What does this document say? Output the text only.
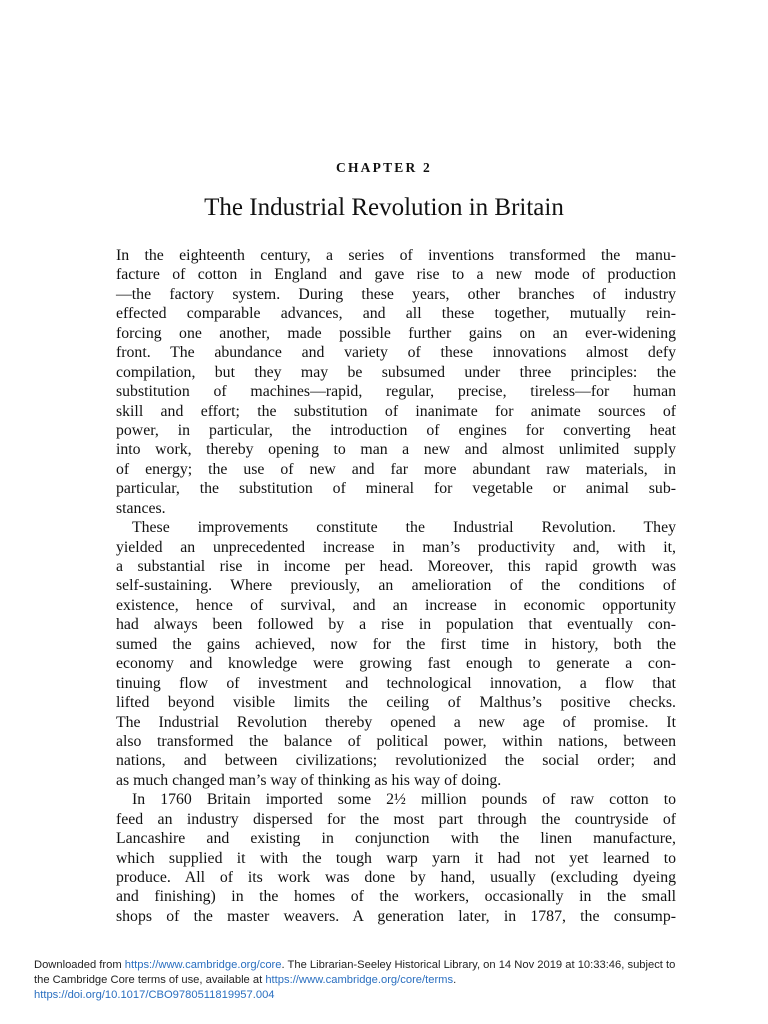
CHAPTER 2
The Industrial Revolution in Britain
In the eighteenth century, a series of inventions transformed the manu-
facture of cotton in England and gave rise to a new mode of production
—the factory system. During these years, other branches of industry
effected comparable advances, and all these together, mutually rein-
forcing one another, made possible further gains on an ever-widening
front. The abundance and variety of these innovations almost defy
compilation, but they may be subsumed under three principles: the
substitution of machines—rapid, regular, precise, tireless—for human
skill and effort; the substitution of inanimate for animate sources of
power, in particular, the introduction of engines for converting heat
into work, thereby opening to man a new and almost unlimited supply
of energy; the use of new and far more abundant raw materials, in
particular, the substitution of mineral for vegetable or animal sub-
stances.
These improvements constitute the Industrial Revolution. They
yielded an unprecedented increase in man’s productivity and, with it,
a substantial rise in income per head. Moreover, this rapid growth was
self-sustaining. Where previously, an amelioration of the conditions of
existence, hence of survival, and an increase in economic opportunity
had always been followed by a rise in population that eventually con-
sumed the gains achieved, now for the first time in history, both the
economy and knowledge were growing fast enough to generate a con-
tinuing flow of investment and technological innovation, a flow that
lifted beyond visible limits the ceiling of Malthus’s positive checks.
The Industrial Revolution thereby opened a new age of promise. It
also transformed the balance of political power, within nations, between
nations, and between civilizations; revolutionized the social order; and
as much changed man’s way of thinking as his way of doing.
In 1760 Britain imported some 2½ million pounds of raw cotton to
feed an industry dispersed for the most part through the countryside of
Lancashire and existing in conjunction with the linen manufacture,
which supplied it with the tough warp yarn it had not yet learned to
produce. All of its work was done by hand, usually (excluding dyeing
and finishing) in the homes of the workers, occasionally in the small
shops of the master weavers. A generation later, in 1787, the consump-
Downloaded from https://www.cambridge.org/core. The Librarian-Seeley Historical Library, on 14 Nov 2019 at 10:33:46, subject to
the Cambridge Core terms of use, available at https://www.cambridge.org/core/terms.
https://doi.org/10.1017/CBO9780511819957.004
